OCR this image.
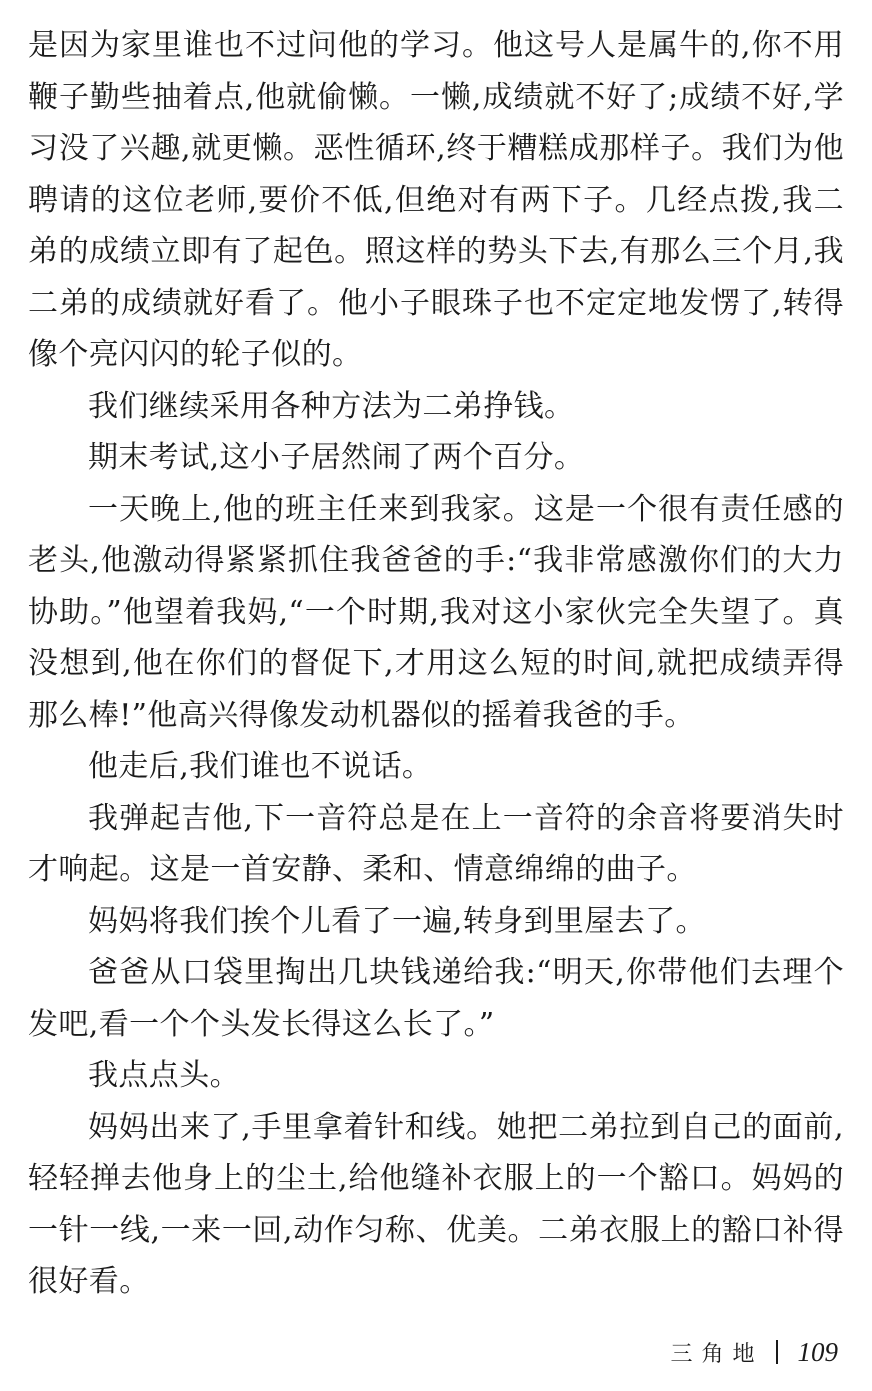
是因为家里谁也不过问他的学习。他这号人是属牛的,你不用鞭子勤些抽着点,他就偷懒。一懒,成绩就不好了;成绩不好,学习没了兴趣,就更懒。恶性循环,终于糟糕成那样子。我们为他聘请的这位老师,要价不低,但绝对有两下子。几经点拨,我二弟的成绩立即有了起色。照这样的势头下去,有那么三个月,我二弟的成绩就好看了。他小子眼珠子也不定定地发愣了,转得像个亮闪闪的轮子似的。

我们继续采用各种方法为二弟挣钱。

期末考试,这小子居然闹了两个百分。

一天晚上,他的班主任来到我家。这是一个很有责任感的老头,他激动得紧紧抓住我爸爸的手:“我非常感激你们的大力协助。”他望着我妈,“一个时期,我对这小家伙完全失望了。真没想到,他在你们的督促下,才用这么短的时间,就把成绩弄得那么棒!”他高兴得像发动机器似的摇着我爸的手。

他走后,我们谁也不说话。

我弹起吉他,下一音符总是在上一音符的余音将要消失时才响起。这是一首安静、柔和、情意绵绵的曲子。

妈妈将我们挨个儿看了一遍,转身到里屋去了。

爸爸从口袋里掏出几块钱递给我:“明天,你带他们去理个发吧,看一个个头发长得这么长了。”

我点点头。

妈妈出来了,手里拿着针和线。她把二弟拉到自己的面前,轻轻掸去他身上的尘土,给他缝补衣服上的一个豁口。妈妈的一针一线,一来一回,动作匀称、优美。二弟衣服上的豁口补得很好看。

三角地 109
